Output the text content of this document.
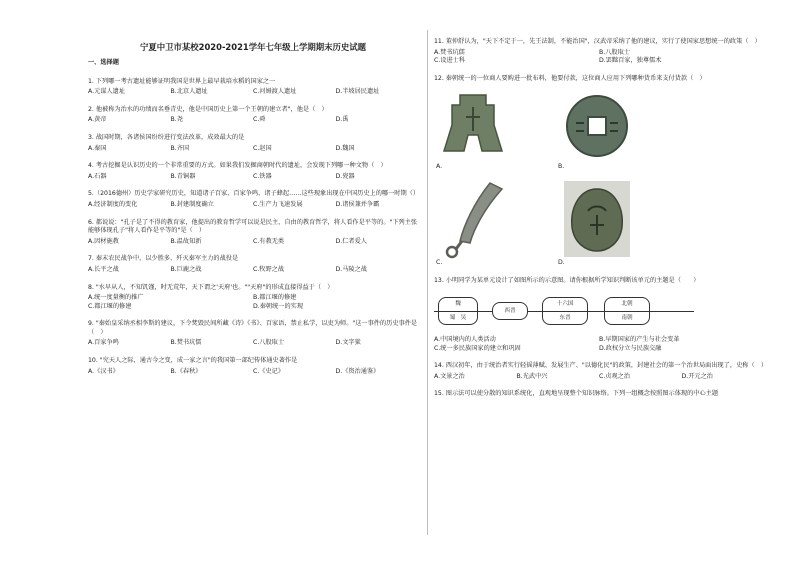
宁夏中卫市某校2020-2021学年七年级上学期期末历史试题
一、选择题
1. 下列哪一考古遗址能够证明我国是世界上最早栽培水稻的国家之一
A.元谋人遗址	B.北京人遗址	C.河姆渡人遗址	D.半坡居民遗址
2. 他被称为治水的功绩而名垂青史，他是中国历史上第一个王朝的建立者"，他是（　）
A.黄帝	B.尧	C.舜	D.禹
3. 战国时期，各诸侯国纷纷进行变法改革，成效最大的是
A.秦国	B.齐国	C.赵国	D.魏国
4. 考古挖掘是认识历史的一个非常重要的方式。如果我们发掘商朝时代的遗址，会发现下列哪一种文物（　）
A.石器	B.青铜器	C.铁器	D.瓷器
5.（2016德州）历史学家研究历史，知道诸子百家、百家争鸣、诸子蜂起……这些现象出现在中国历史上的哪一时期（）
A.经济制度的变化	B.封建制度确立	C.生产力飞速发展	D.诸侯兼并争霸
6. 都说说："孔子是了不得的教育家，他提出的教育哲学可以说是民主、自由的教育哲学，将人看作是平等的。"下列主张能够体现孔子"将人看作是平等的"是（　）
A.因材施教	B.温故知新	C.有教无类	D.仁者爱人
7. 秦末农民战争中，以少胜多，歼灭秦军主力的战役是
A.长平之战	B.巨鹿之战	C.牧野之战	D.马陵之战
8. "水早从人，不知饥馑，时无荒年，天下谓之'天府'也。""天府"的形成直接得益于（　）
A.统一度量衡的推广	B.都江堰的修建
C.都江堰的修建	D.秦朝统一的实现
9. "秦始皇采纳丞相李斯的建议，下令焚毁民间所藏《诗》《书》、百家语，禁止私学，以吏为师。"这一事件的历史事件是（　）
A.百家争鸣	B.焚书坑儒	C.八股取士	D.文字狱
10. "究天人之际，通古今之变，成一家之言"的我国第一部纪传体通史著作是
A.《汉书》	B.《春秋》	C.《史记》	D.《资治通鉴》
11. 董仲舒认为，"天下不定于一，先王法制，不能治国"，汉武帝采纳了他的建议，实行了使国家思想统一的政策（　）
A.焚书坑儒	B.八股取士
C.设进士科	D.罢黜百家，独尊儒术
12. 秦朝统一的一位商人要购进一批布料，他要付款，这位商人应用下列哪种货币来支付货款（　）
A.	B.
C.	D.
13. 小明同学为某单元设计了如图所示的示意图。请你根据所学知识判断该单元的主题是（　　）
魏
蜀 吴
西晋
十六国
东晋
北朝
南朝
A.中国境内的人类活动	B.早期国家的产生与社会变革
C.统一多民族国家的建立和巩固	D.政权分立与民族交融
14. 西汉初年，由于统治者实行轻徭薄赋、发展生产、"以德化民"的政策，封建社会的第一个治世局面出现了，史称（　）
A.文景之治	B.光武中兴	C.贞观之治	D.开元之治
15. 图示法可以使分散的知识系统化，直观地呈现整个知识脉络。下列一组概念按照图示体现的中心主题
